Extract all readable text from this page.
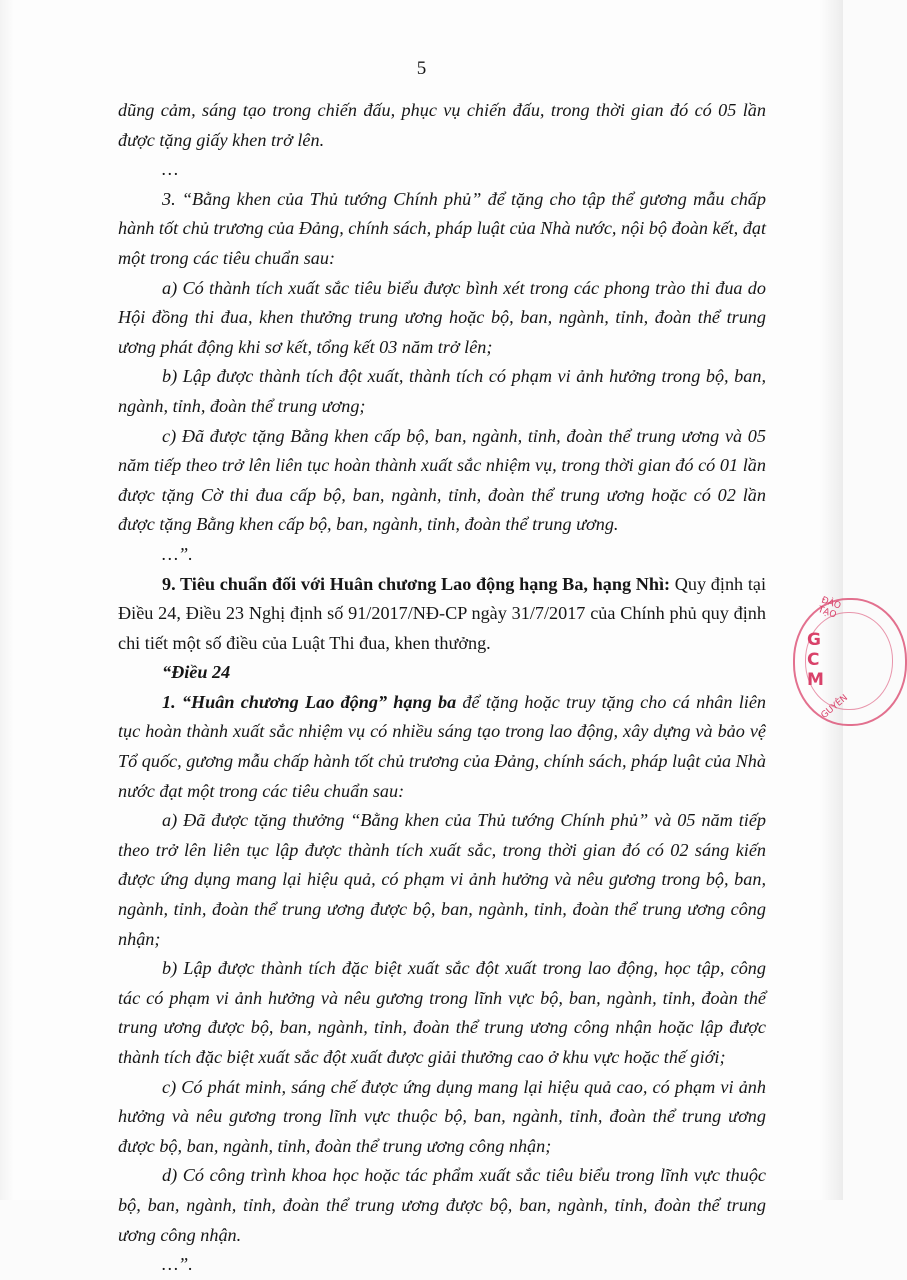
5

dũng cảm, sáng tạo trong chiến đấu, phục vụ chiến đấu, trong thời gian đó có 05 lần được tặng giấy khen trở lên.

…

3. “Bằng khen của Thủ tướng Chính phủ” để tặng cho tập thể gương mẫu chấp hành tốt chủ trương của Đảng, chính sách, pháp luật của Nhà nước, nội bộ đoàn kết, đạt một trong các tiêu chuẩn sau:

a) Có thành tích xuất sắc tiêu biểu được bình xét trong các phong trào thi đua do Hội đồng thi đua, khen thưởng trung ương hoặc bộ, ban, ngành, tỉnh, đoàn thể trung ương phát động khi sơ kết, tổng kết 03 năm trở lên;

b) Lập được thành tích đột xuất, thành tích có phạm vi ảnh hưởng trong bộ, ban, ngành, tỉnh, đoàn thể trung ương;

c) Đã được tặng Bằng khen cấp bộ, ban, ngành, tỉnh, đoàn thể trung ương và 05 năm tiếp theo trở lên liên tục hoàn thành xuất sắc nhiệm vụ, trong thời gian đó có 01 lần được tặng Cờ thi đua cấp bộ, ban, ngành, tỉnh, đoàn thể trung ương hoặc có 02 lần được tặng Bằng khen cấp bộ, ban, ngành, tỉnh, đoàn thể trung ương.

…”.

9. Tiêu chuẩn đối với Huân chương Lao động hạng Ba, hạng Nhì: Quy định tại Điều 24, Điều 23 Nghị định số 91/2017/NĐ-CP ngày 31/7/2017 của Chính phủ quy định chi tiết một số điều của Luật Thi đua, khen thưởng.

“Điều 24

1. “Huân chương Lao động” hạng ba để tặng hoặc truy tặng cho cá nhân liên tục hoàn thành xuất sắc nhiệm vụ có nhiều sáng tạo trong lao động, xây dựng và bảo vệ Tổ quốc, gương mẫu chấp hành tốt chủ trương của Đảng, chính sách, pháp luật của Nhà nước đạt một trong các tiêu chuẩn sau:

a) Đã được tặng thưởng “Bằng khen của Thủ tướng Chính phủ” và 05 năm tiếp theo trở lên liên tục lập được thành tích xuất sắc, trong thời gian đó có 02 sáng kiến được ứng dụng mang lại hiệu quả, có phạm vi ảnh hưởng và nêu gương trong bộ, ban, ngành, tỉnh, đoàn thể trung ương được bộ, ban, ngành, tỉnh, đoàn thể trung ương công nhận;

b) Lập được thành tích đặc biệt xuất sắc đột xuất trong lao động, học tập, công tác có phạm vi ảnh hưởng và nêu gương trong lĩnh vực bộ, ban, ngành, tỉnh, đoàn thể trung ương được bộ, ban, ngành, tỉnh, đoàn thể trung ương công nhận hoặc lập được thành tích đặc biệt xuất sắc đột xuất được giải thưởng cao ở khu vực hoặc thế giới;

c) Có phát minh, sáng chế được ứng dụng mang lại hiệu quả cao, có phạm vi ảnh hưởng và nêu gương trong lĩnh vực thuộc bộ, ban, ngành, tỉnh, đoàn thể trung ương được bộ, ban, ngành, tỉnh, đoàn thể trung ương công nhận;

d) Có công trình khoa học hoặc tác phẩm xuất sắc tiêu biểu trong lĩnh vực thuộc bộ, ban, ngành, tỉnh, đoàn thể trung ương được bộ, ban, ngành, tỉnh, đoàn thể trung ương công nhận.

…”.

ĐÀO TẠO
G
C
M
GUYÊN
